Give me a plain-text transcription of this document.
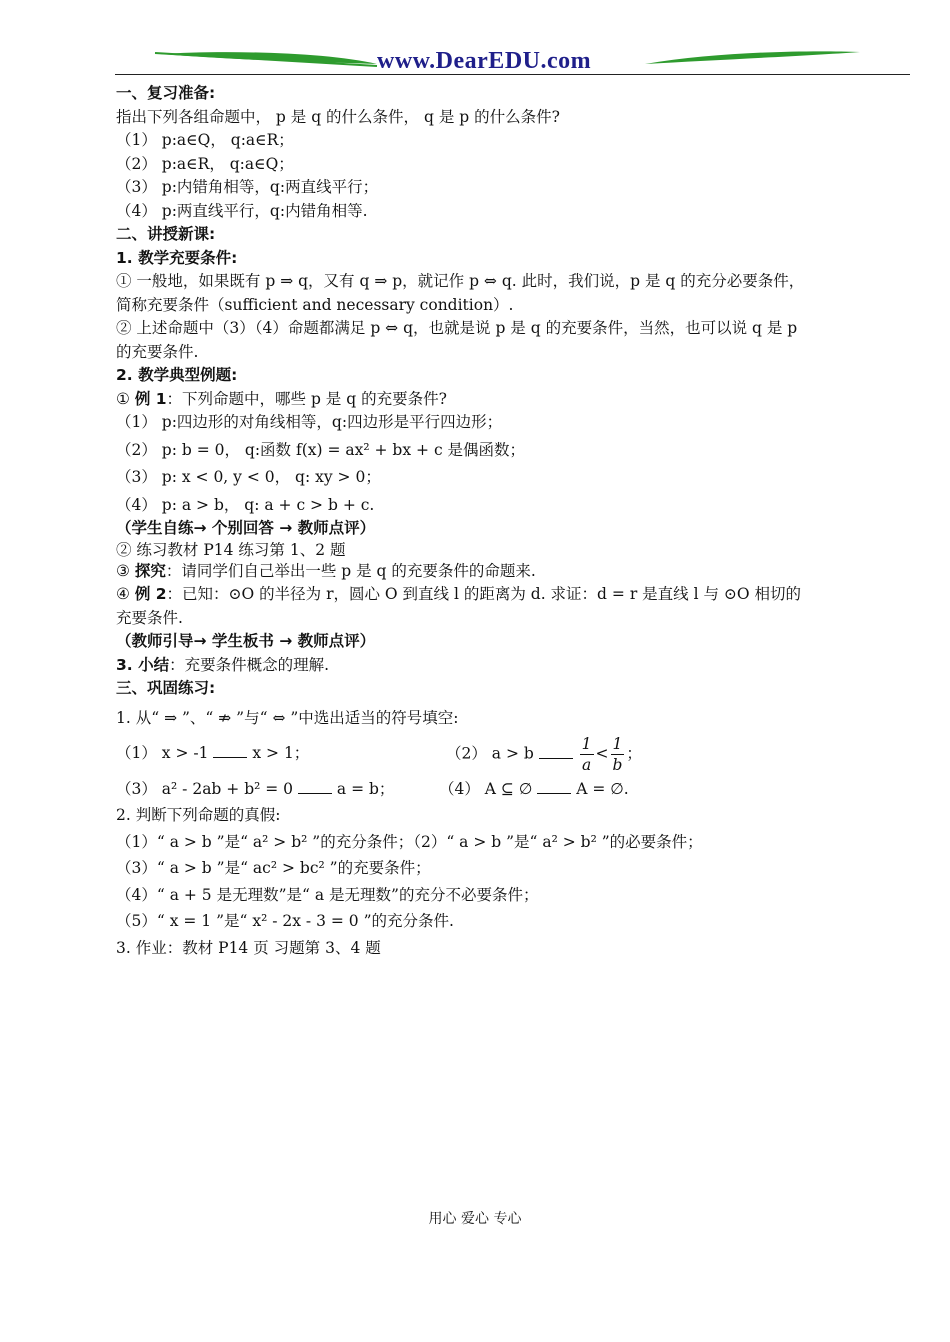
www.DearEDU.com
一、复习准备:
指出下列各组命题中， p 是 q 的什么条件， q 是 p 的什么条件?
（1） p:a∈Q， q:a∈R；
（2） p:a∈R， q:a∈Q；
（3） p:内错角相等，q:两直线平行；
（4） p:两直线平行，q:内错角相等.
二、讲授新课:
1. 教学充要条件:
① 一般地，如果既有 p ⇒ q，又有 q ⇒ p，就记作 p ⇔ q. 此时，我们说，p 是 q 的充分必要条件，
简称充要条件（sufficient and necessary condition）.
② 上述命题中（3）（4）命题都满足 p ⇔ q，也就是说 p 是 q 的充要条件，当然，也可以说 q 是 p
的充要条件.
2. 教学典型例题:
① 例 1：下列命题中，哪些 p 是 q 的充要条件?
（1） p:四边形的对角线相等，q:四边形是平行四边形；
（2） p: b = 0， q:函数 f(x) = ax² + bx + c 是偶函数；
（3） p: x < 0, y < 0， q: xy > 0；
（4） p: a > b， q: a + c > b + c.
（学生自练→ 个别回答 → 教师点评）
② 练习教材 P14 练习第 1、2 题
③ 探究：请同学们自己举出一些 p 是 q 的充要条件的命题来.
④ 例 2：已知：⊙O 的半径为 r，圆心 O 到直线 l 的距离为 d. 求证：d = r 是直线 l 与 ⊙O 相切的
充要条件.
（教师引导→ 学生板书 → 教师点评）
3. 小结：充要条件概念的理解.
三、巩固练习:
1. 从“ ⇒ ”、“ ⇏ ”与“ ⇔ ”中选出适当的符号填空:
（1） x > -1	x > 1；	（2） a > b	$\frac{1}{a} < \frac{1}{b}$ ；
（3） a² - 2ab + b² = 0	a = b；	（4） A ⊆ ∅	A = ∅.
2. 判断下列命题的真假:
（1）“ a > b ”是“ a² > b² ”的充分条件；（2）“ a > b ”是“ a² > b² ”的必要条件；
（3）“ a > b ”是“ ac² > bc² ”的充要条件；
（4）“ a + 5 是无理数”是“ a 是无理数”的充分不必要条件；
（5）“ x = 1 ”是“ x² - 2x - 3 = 0 ”的充分条件.
3. 作业：教材 P14 页 习题第 3、4 题
用心 爱心 专心
